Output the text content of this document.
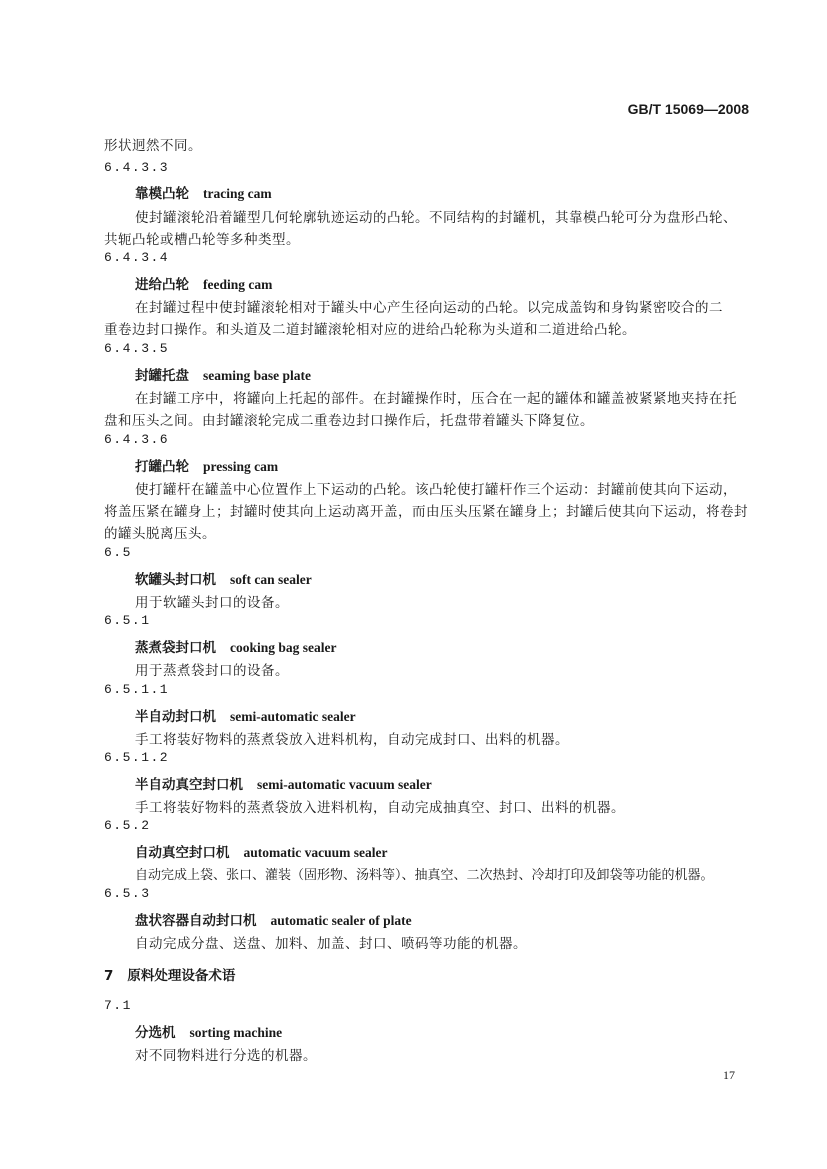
GB/T 15069—2008
形状迥然不同。
6.4.3.3
靠模凸轮 tracing cam
使封罐滚轮沿着罐型几何轮廓轨迹运动的凸轮。不同结构的封罐机，其靠模凸轮可分为盘形凸轮、
共轭凸轮或槽凸轮等多种类型。
6.4.3.4
进给凸轮 feeding cam
在封罐过程中使封罐滚轮相对于罐头中心产生径向运动的凸轮。以完成盖钩和身钩紧密咬合的二
重卷边封口操作。和头道及二道封罐滚轮相对应的进给凸轮称为头道和二道进给凸轮。
6.4.3.5
封罐托盘 seaming base plate
在封罐工序中，将罐向上托起的部件。在封罐操作时，压合在一起的罐体和罐盖被紧紧地夹持在托
盘和压头之间。由封罐滚轮完成二重卷边封口操作后，托盘带着罐头下降复位。
6.4.3.6
打罐凸轮 pressing cam
使打罐杆在罐盖中心位置作上下运动的凸轮。该凸轮使打罐杆作三个运动：封罐前使其向下运动，
将盖压紧在罐身上；封罐时使其向上运动离开盖，而由压头压紧在罐身上；封罐后使其向下运动，将卷封
的罐头脱离压头。
6.5
软罐头封口机 soft can sealer
用于软罐头封口的设备。
6.5.1
蒸煮袋封口机 cooking bag sealer
用于蒸煮袋封口的设备。
6.5.1.1
半自动封口机 semi-automatic sealer
手工将装好物料的蒸煮袋放入进料机构，自动完成封口、出料的机器。
6.5.1.2
半自动真空封口机 semi-automatic vacuum sealer
手工将装好物料的蒸煮袋放入进料机构，自动完成抽真空、封口、出料的机器。
6.5.2
自动真空封口机 automatic vacuum sealer
自动完成上袋、张口、灌装（固形物、汤料等）、抽真空、二次热封、冷却打印及卸袋等功能的机器。
6.5.3
盘状容器自动封口机 automatic sealer of plate
自动完成分盘、送盘、加料、加盖、封口、喷码等功能的机器。
7 原料处理设备术语
7.1
分选机 sorting machine
对不同物料进行分选的机器。
17
